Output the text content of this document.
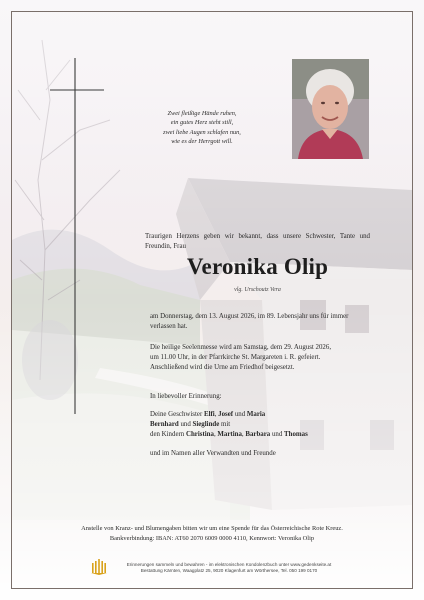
Zwei fleißige Hände ruhen,
ein gutes Herz steht still,
zwei liebe Augen schlafen nun,
wie es der Herrgott will.
Traurigen Herzens geben wir bekannt, dass unsere Schwester, Tante und Freundin, Frau
Veronika Olip
vlg. Urschoutz Vera
am Donnerstag, dem 13. August 2026, im 89. Lebensjahr uns für immer verlassen hat.
Die heilige Seelenmesse wird am Samstag, dem 29. August 2026,
um 11.00 Uhr, in der Pfarrkirche St. Margareten i. R. gefeiert.
Anschließend wird die Urne am Friedhof beigesetzt.
In liebevoller Erinnerung:
Deine Geschwister Elfi, Josef und Maria
Bernhard und Sieglinde mit
den Kindern Christina, Martina, Barbara und Thomas
und im Namen aller Verwandten und Freunde
Anstelle von Kranz- und Blumengaben bitten wir um eine Spende für das Österreichische Rote Kreuz.
Bankverbindung: IBAN: AT60 2070 6009 0000 4110, Kennwort: Veronika Olip
Erinnerungen sammeln und bewahren - im elektronischen Kondolenzbuch unter www.gedenkseite.at
Bestattung Kärnten, Waagplatz 25, 9020 Klagenfurt am Wörthersee, Tel. 050 199 0170
